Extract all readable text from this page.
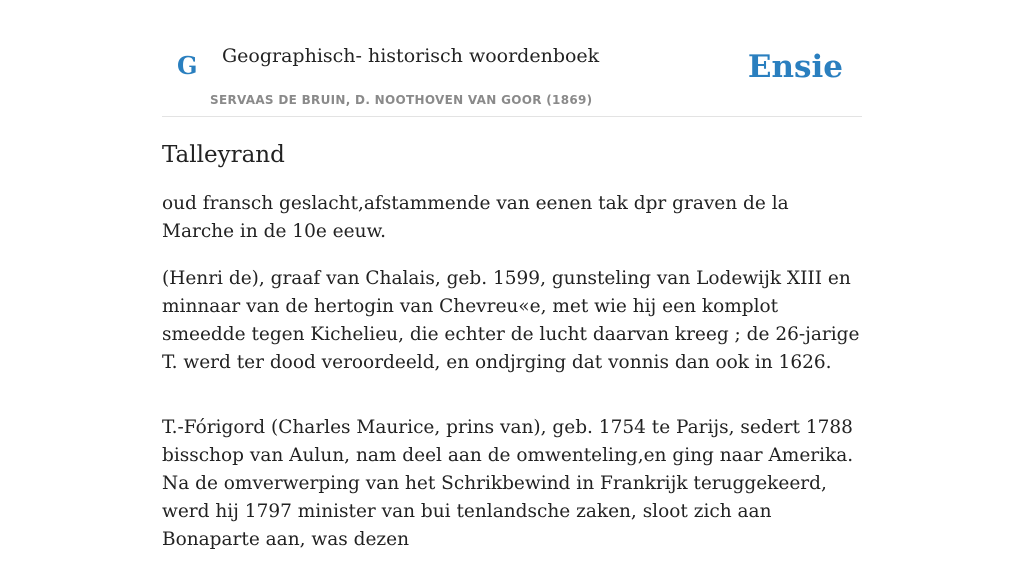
G Geographisch- historisch woordenboek
SERVAAS DE BRUIN, D. NOOTHOVEN VAN GOOR (1869)
Ensie
Talleyrand

oud fransch geslacht,afstammende van eenen tak dpr graven de la Marche in de 10e eeuw.

(Henri de), graaf van Chalais, geb. 1599, gunsteling van Lodewijk XIII en minnaar van de hertogin van Chevreu«e, met wie hij een komplot smeedde tegen Kichelieu, die echter de lucht daarvan kreeg ; de 26-jarige T. werd ter dood veroordeeld, en ondjrging dat vonnis dan ook in 1626.

T.-Fórigord (Charles Maurice, prins van), geb. 1754 te Parijs, sedert 1788 bisschop van Aulun, nam deel aan de omwenteling,en ging naar Amerika. Na de omverwerping van het Schrikbewind in Frankrijk teruggekeerd, werd hij 1797 minister van bui tenlandsche zaken, sloot zich aan Bonaparte aan, was dezen
